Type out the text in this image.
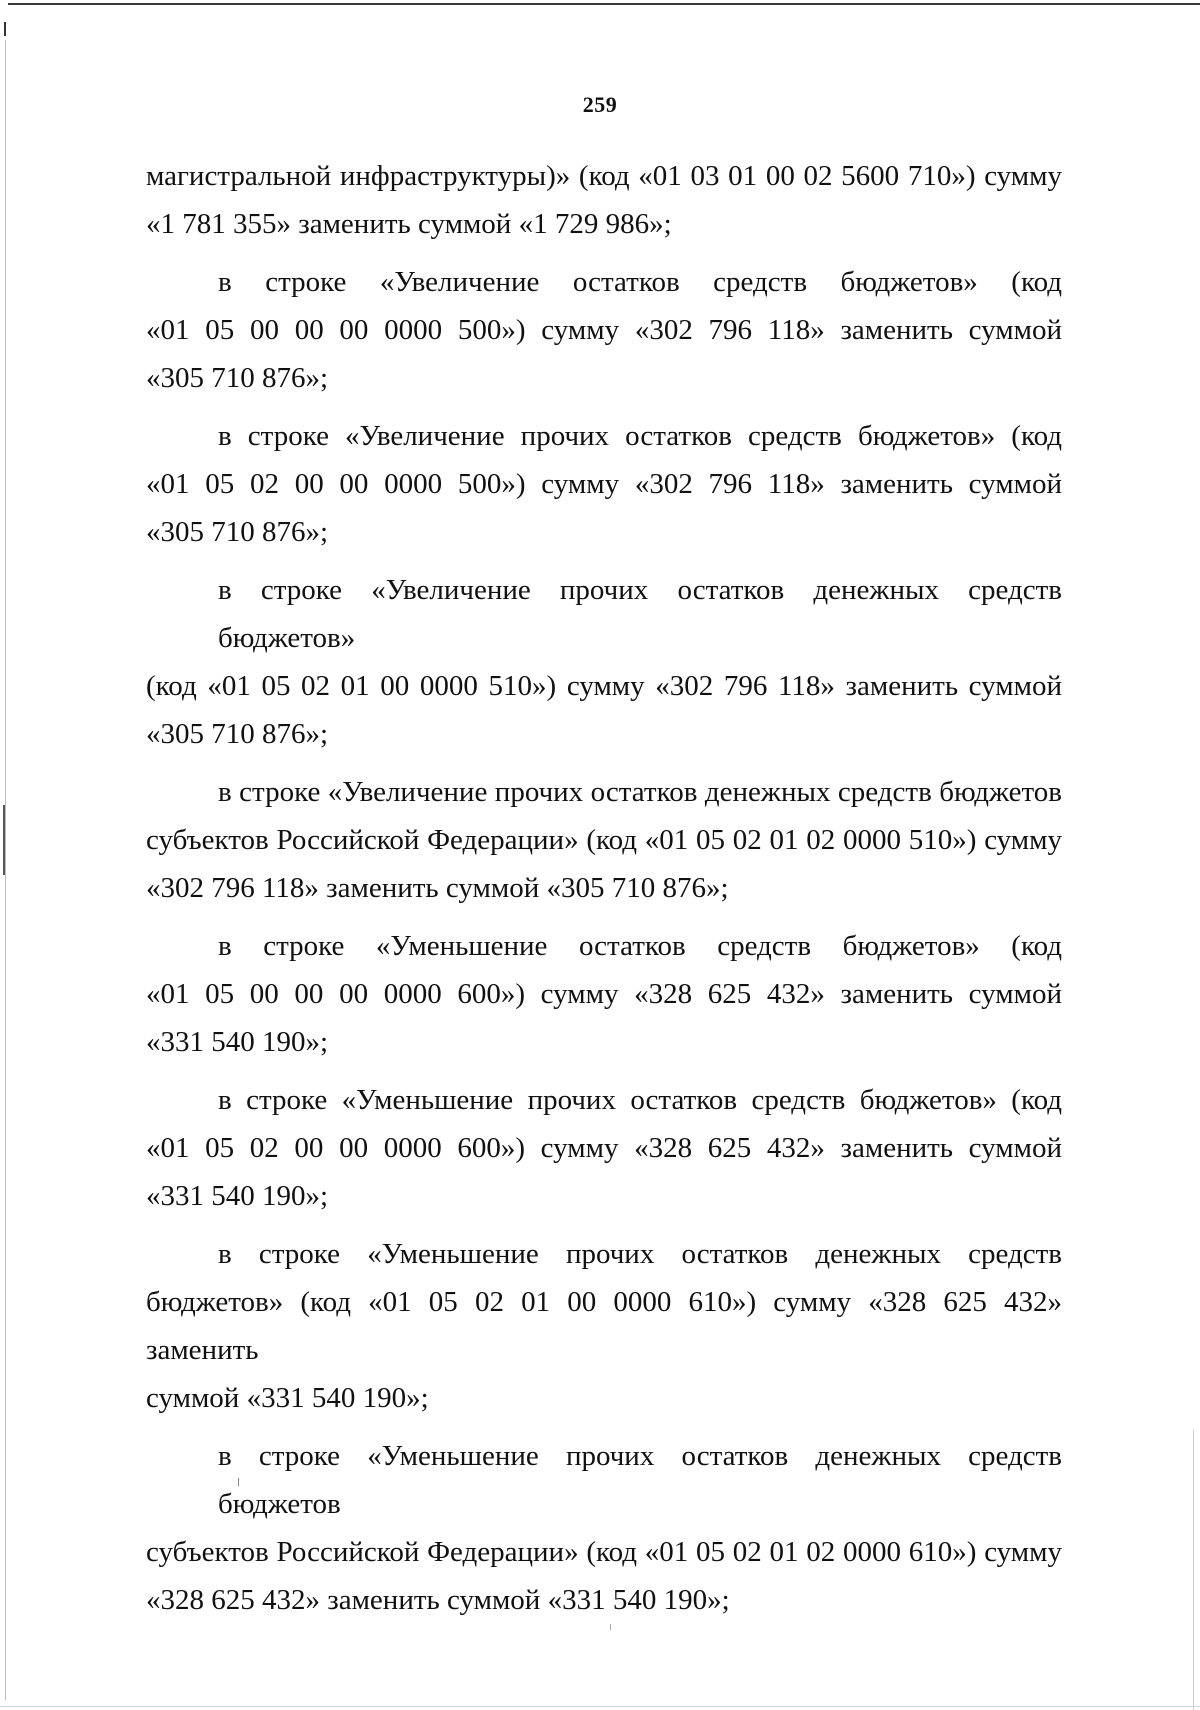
259
магистральной инфраструктуры)» (код «01 03 01 00 02 5600 710») сумму
«1 781 355» заменить суммой «1 729 986»;
в строке «Увеличение остатков средств бюджетов» (код
«01 05 00 00 00 0000 500») сумму «302 796 118» заменить суммой
«305 710 876»;
в строке «Увеличение прочих остатков средств бюджетов» (код
«01 05 02 00 00 0000 500») сумму «302 796 118» заменить суммой
«305 710 876»;
в строке «Увеличение прочих остатков денежных средств бюджетов»
(код «01 05 02 01 00 0000 510») сумму «302 796 118» заменить суммой
«305 710 876»;
в строке «Увеличение прочих остатков денежных средств бюджетов
субъектов Российской Федерации» (код «01 05 02 01 02 0000 510») сумму
«302 796 118» заменить суммой «305 710 876»;
в строке «Уменьшение остатков средств бюджетов» (код
«01 05 00 00 00 0000 600») сумму «328 625 432» заменить суммой
«331 540 190»;
в строке «Уменьшение прочих остатков средств бюджетов» (код
«01 05 02 00 00 0000 600») сумму «328 625 432» заменить суммой
«331 540 190»;
в строке «Уменьшение прочих остатков денежных средств
бюджетов» (код «01 05 02 01 00 0000 610») сумму «328 625 432» заменить
суммой «331 540 190»;
в строке «Уменьшение прочих остатков денежных средств бюджетов
субъектов Российской Федерации» (код «01 05 02 01 02 0000 610») сумму
«328 625 432» заменить суммой «331 540 190»;
